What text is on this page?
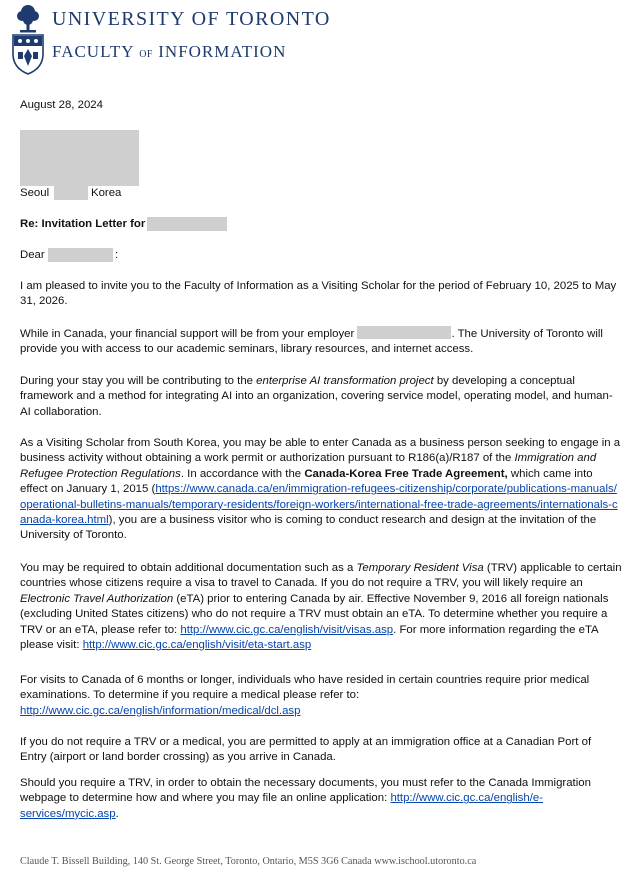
UNIVERSITY OF TORONTO
FACULTY OF INFORMATION
August 28, 2024
Seoul	Korea
Re: Invitation Letter for
Dear	:

I am pleased to invite you to the Faculty of Information as a Visiting Scholar for the period of February 10, 2025 to May 31, 2026.

While in Canada, your financial support will be from your employer	. The University of Toronto will provide you with access to our academic seminars, library resources, and internet access.

During your stay you will be contributing to the enterprise AI transformation project by developing a conceptual framework and a method for integrating AI into an organization, covering service model, operating model, and human-AI collaboration.

As a Visiting Scholar from South Korea, you may be able to enter Canada as a business person seeking to engage in a business activity without obtaining a work permit or authorization pursuant to R186(a)/R187 of the Immigration and Refugee Protection Regulations. In accordance with the Canada-Korea Free Trade Agreement, which came into effect on January 1, 2015 (https://www.canada.ca/en/immigration-refugees-citizenship/corporate/publications-manuals/operational-bulletins-manuals/temporary-residents/foreign-workers/international-free-trade-agreements/internationals-canada-korea.html), you are a business visitor who is coming to conduct research and design at the invitation of the University of Toronto.

You may be required to obtain additional documentation such as a Temporary Resident Visa (TRV) applicable to certain countries whose citizens require a visa to travel to Canada. If you do not require a TRV, you will likely require an Electronic Travel Authorization (eTA) prior to entering Canada by air. Effective November 9, 2016 all foreign nationals (excluding United States citizens) who do not require a TRV must obtain an eTA. To determine whether you require a TRV or an eTA, please refer to: http://www.cic.gc.ca/english/visit/visas.asp. For more information regarding the eTA please visit: http://www.cic.gc.ca/english/visit/eta-start.asp

For visits to Canada of 6 months or longer, individuals who have resided in certain countries require prior medical examinations. To determine if you require a medical please refer to: http://www.cic.gc.ca/english/information/medical/dcl.asp

If you do not require a TRV or a medical, you are permitted to apply at an immigration office at a Canadian Port of Entry (airport or land border crossing) as you arrive in Canada.

Should you require a TRV, in order to obtain the necessary documents, you must refer to the Canada Immigration webpage to determine how and where you may file an online application: http://www.cic.gc.ca/english/e-services/mycic.asp.

Claude T. Bissell Building, 140 St. George Street, Toronto, Ontario, M5S 3G6 Canada www.ischool.utoronto.ca
